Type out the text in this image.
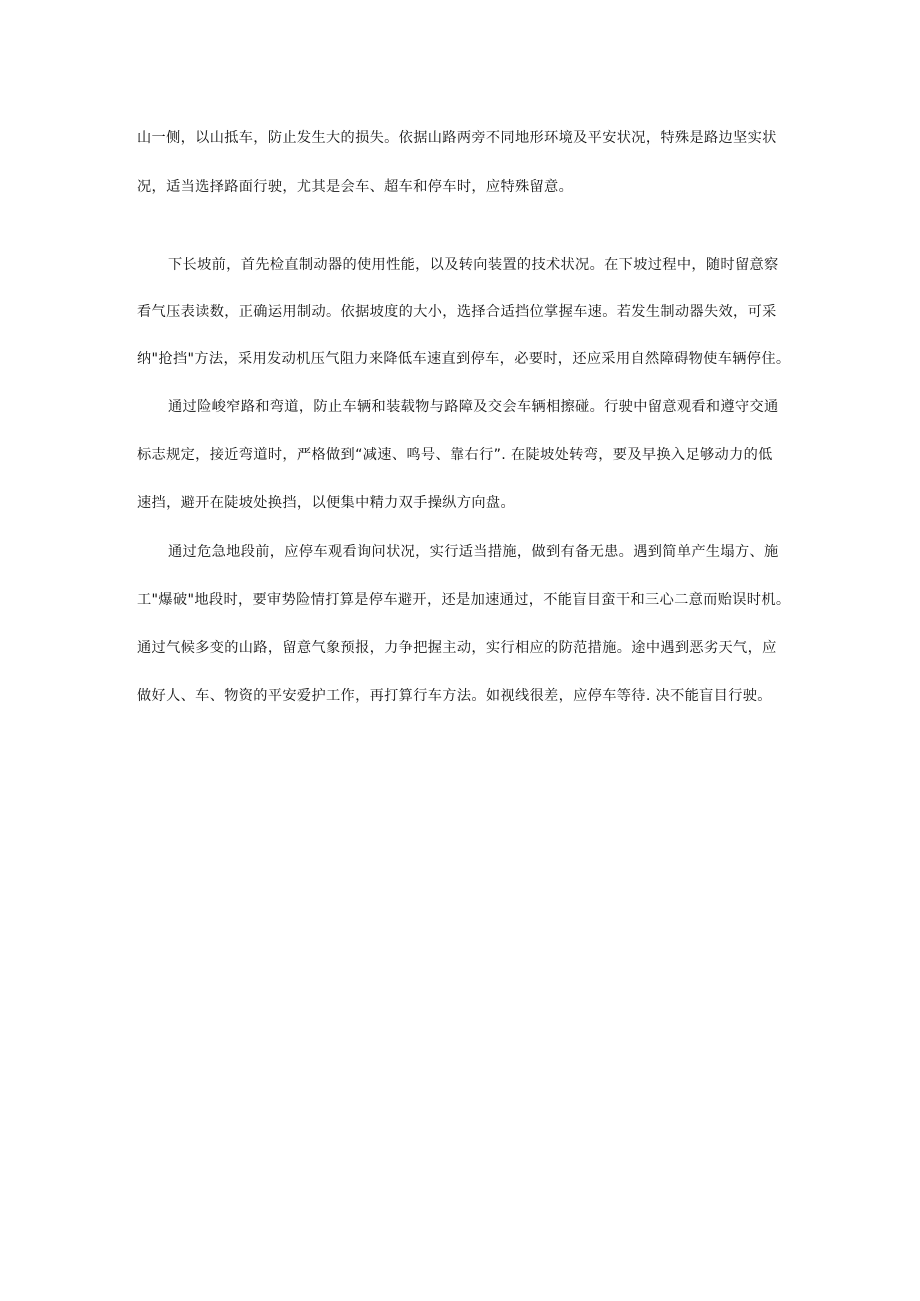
山一侧，以山抵车，防止发生大的损失。依据山路两旁不同地形环境及平安状况，特殊是路边坚实状
况，适当选择路面行驶，尤其是会车、超车和停车时，应特殊留意。
下长坡前，首先检直制动器的使用性能，以及转向装置的技术状况。在下坡过程中，随时留意察
看气压表读数，正确运用制动。依据坡度的大小，选择合适挡位掌握车速。若发生制动器失效，可采
纳"抢挡"方法，采用发动机压气阻力来降低车速直到停车，必要时，还应采用自然障碍物使车辆停住。
通过险峻窄路和弯道，防止车辆和装载物与路障及交会车辆相擦碰。行驶中留意观看和遵守交通
标志规定，接近弯道时，严格做到“减速、鸣号、靠右行”. 在陡坡处转弯，要及早换入足够动力的低
速挡，避开在陡坡处换挡，以便集中精力双手操纵方向盘。
通过危急地段前，应停车观看询问状况，实行适当措施，做到有备无患。遇到简单产生塌方、施
工"爆破"地段时，要审势险情打算是停车避开，还是加速通过，不能盲目蛮干和三心二意而贻误时机。
通过气候多变的山路，留意气象预报，力争把握主动，实行相应的防范措施。途中遇到恶劣天气，应
做好人、车、物资的平安爱护工作，再打算行车方法。如视线很差，应停车等待. 决不能盲目行驶。
